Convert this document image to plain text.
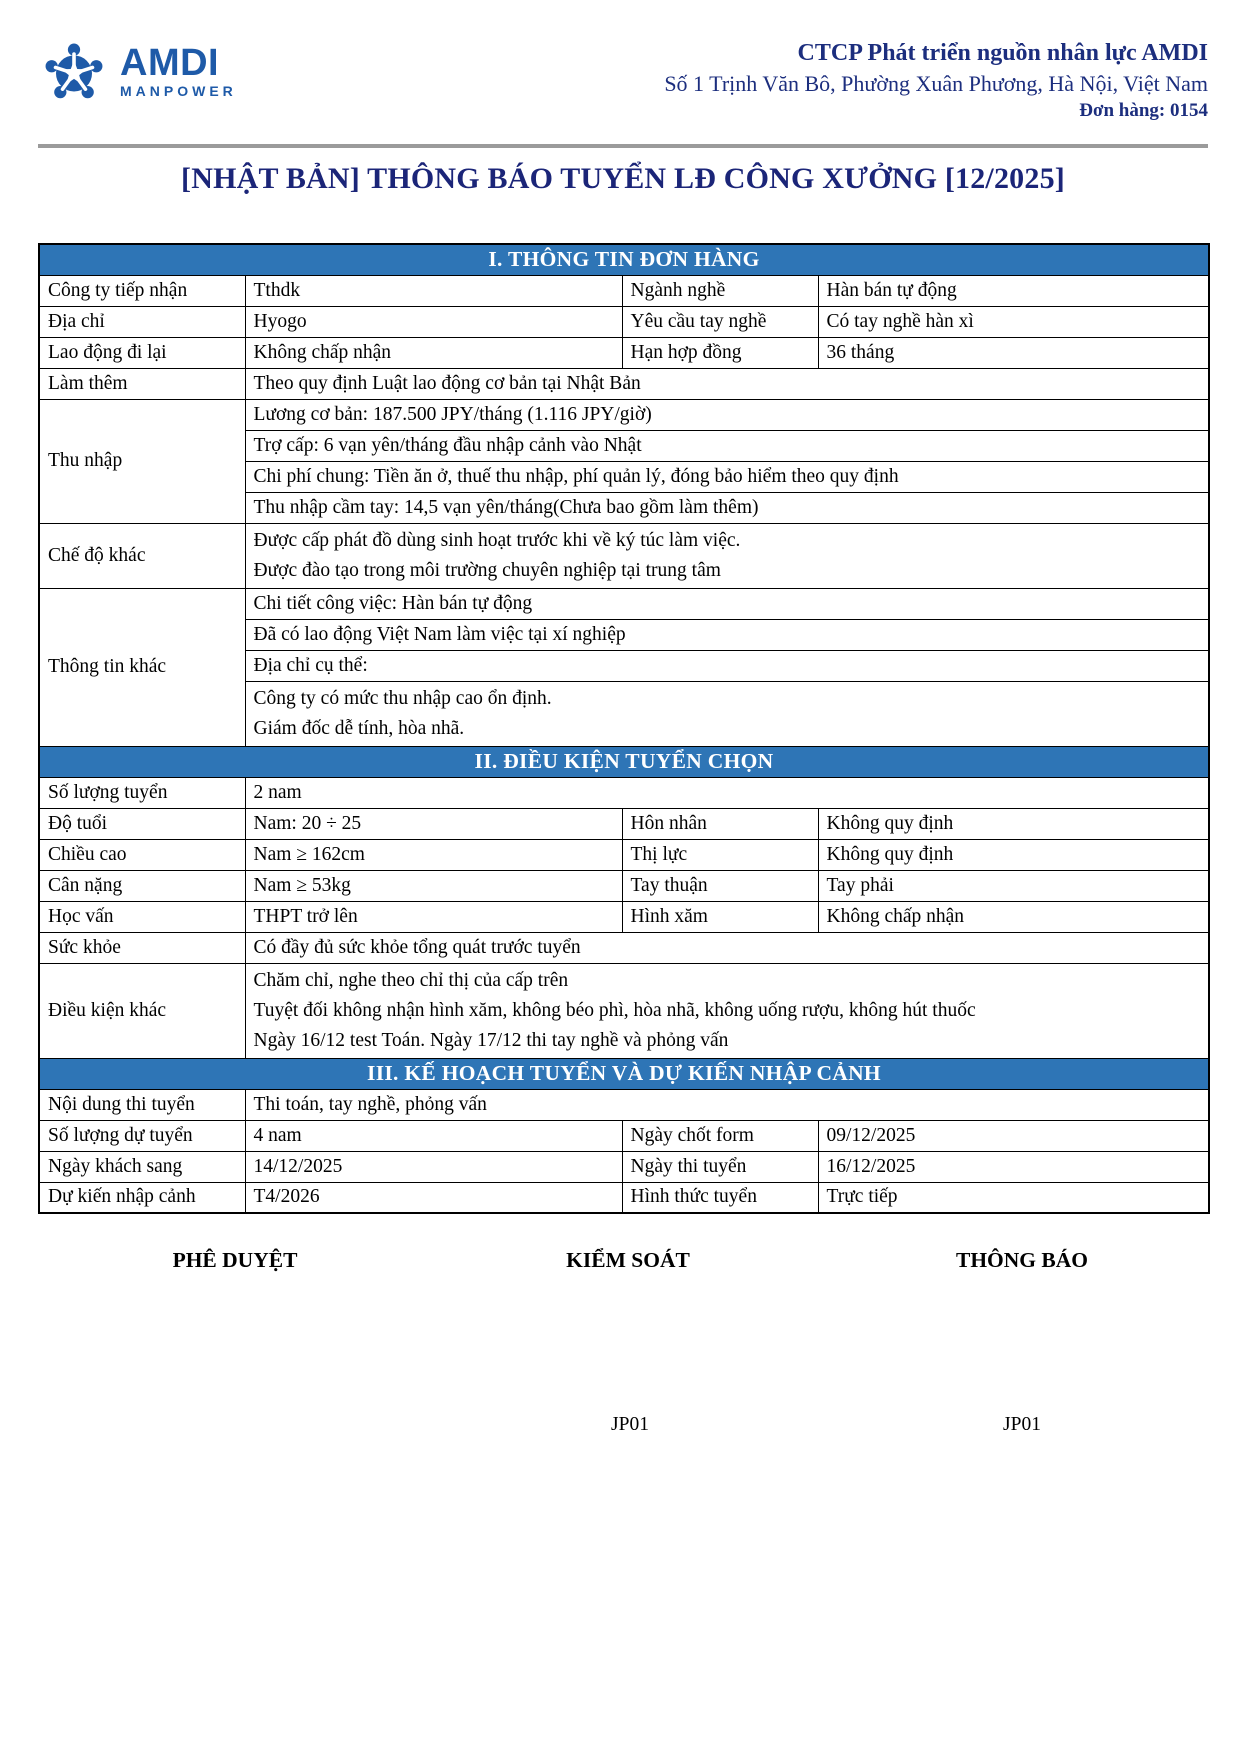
AMDI
MANPOWER
CTCP Phát triển nguồn nhân lực AMDI
Số 1 Trịnh Văn Bô, Phường Xuân Phương, Hà Nội, Việt Nam
Đơn hàng: 0154
[NHẬT BẢN] THÔNG BÁO TUYỂN LĐ CÔNG XƯỞNG [12/2025]
I. THÔNG TIN ĐƠN HÀNG			
Công ty tiếp nhận	Tthdk	Ngành nghề	Hàn bán tự động
Địa chỉ	Hyogo	Yêu cầu tay nghề	Có tay nghề hàn xì
Lao động đi lại	Không chấp nhận	Hạn hợp đồng	36 tháng
Làm thêm	Theo quy định Luật lao động cơ bản tại Nhật Bản		
Thu nhập	Lương cơ bản: 187.500 JPY/tháng (1.116 JPY/giờ)		
	Trợ cấp: 6 vạn yên/tháng đầu nhập cảnh vào Nhật		
	Chi phí chung: Tiền ăn ở, thuế thu nhập, phí quản lý, đóng bảo hiểm theo quy định		
	Thu nhập cầm tay: 14,5 vạn yên/tháng(Chưa bao gồm làm thêm)		
Chế độ khác	Được cấp phát đồ dùng sinh hoạt trước khi về ký túc làm việc.
Được đào tạo trong môi trường chuyên nghiệp tại trung tâm		

Thông tin khác	Chi tiết công việc: Hàn bán tự động		
	Đã có lao động Việt Nam làm việc tại xí nghiệp		
	Địa chỉ cụ thể:		

	Công ty có mức thu nhập cao ổn định.
Giám đốc dễ tính, hòa nhã.		

II. ĐIỀU KIỆN TUYỂN CHỌN			
Số lượng tuyển	2 nam		
Độ tuổi	Nam: 20 ÷ 25	Hôn nhân	Không quy định
Chiều cao	Nam ≥ 162cm	Thị lực	Không quy định
Cân nặng	Nam ≥ 53kg	Tay thuận	Tay phải
Học vấn	THPT trở lên	Hình xăm	Không chấp nhận
Sức khỏe	Có đầy đủ sức khỏe tổng quát trước tuyển		
Điều kiện khác	Chăm chỉ, nghe theo chỉ thị của cấp trên
Tuyệt đối không nhận hình xăm, không béo phì, hòa nhã, không uống rượu, không hút thuốc
Ngày 16/12 test Toán. Ngày 17/12 thi tay nghề và phỏng vấn		

III. KẾ HOẠCH TUYỂN VÀ DỰ KIẾN NHẬP CẢNH			
Nội dung thi tuyển	Thi toán, tay nghề, phỏng vấn		
Số lượng dự tuyển	4 nam	Ngày chốt form	09/12/2025
Ngày khách sang	14/12/2025	Ngày thi tuyển	16/12/2025
Dự kiến nhập cảnh	T4/2026	Hình thức tuyển	Trực tiếp
PHÊ DUYỆT	KIỂM SOÁT	THÔNG BÁO
JP01	JP01
